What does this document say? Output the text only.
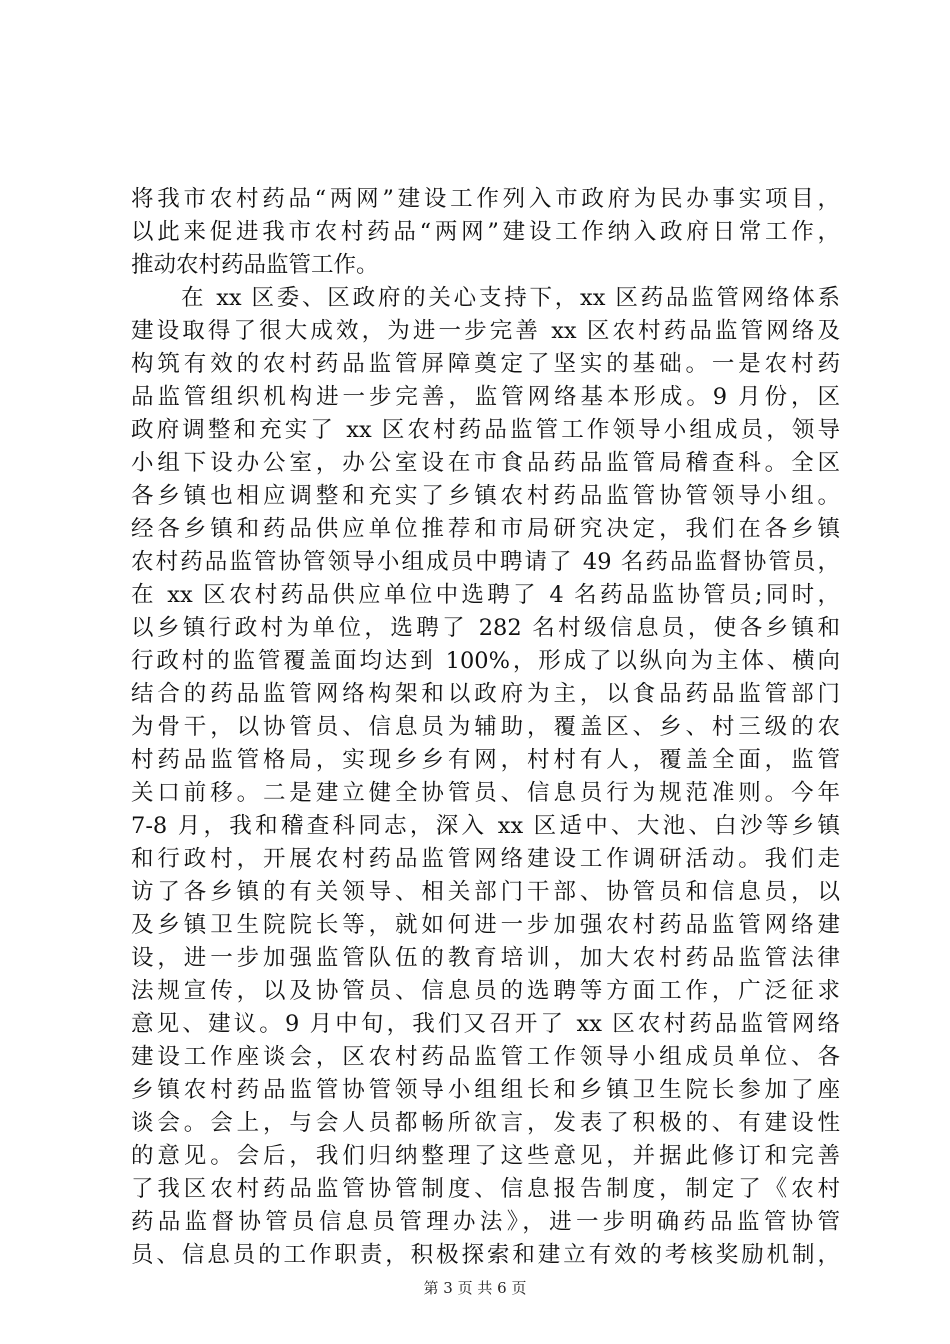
将我市农村药品“两网”建设工作列入市政府为民办事实项目，
以此来促进我市农村药品“两网”建设工作纳入政府日常工作，
推动农村药品监管工作。
在 xx 区委、区政府的关心支持下，xx 区药品监管网络体系
建设取得了很大成效，为进一步完善 xx 区农村药品监管网络及
构筑有效的农村药品监管屏障奠定了坚实的基础。一是农村药
品监管组织机构进一步完善，监管网络基本形成。9 月份，区
政府调整和充实了 xx 区农村药品监管工作领导小组成员，领导
小组下设办公室，办公室设在市食品药品监管局稽查科。全区
各乡镇也相应调整和充实了乡镇农村药品监管协管领导小组。
经各乡镇和药品供应单位推荐和市局研究决定，我们在各乡镇
农村药品监管协管领导小组成员中聘请了 49 名药品监督协管员，
在 xx 区农村药品供应单位中选聘了 4 名药品监协管员;同时，
以乡镇行政村为单位，选聘了 282 名村级信息员，使各乡镇和
行政村的监管覆盖面均达到 100%，形成了以纵向为主体、横向
结合的药品监管网络构架和以政府为主，以食品药品监管部门
为骨干，以协管员、信息员为辅助，覆盖区、乡、村三级的农
村药品监管格局，实现乡乡有网，村村有人，覆盖全面，监管
关口前移。二是建立健全协管员、信息员行为规范准则。今年
7-8 月，我和稽查科同志，深入 xx 区适中、大池、白沙等乡镇
和行政村，开展农村药品监管网络建设工作调研活动。我们走
访了各乡镇的有关领导、相关部门干部、协管员和信息员，以
及乡镇卫生院院长等，就如何进一步加强农村药品监管网络建
设，进一步加强监管队伍的教育培训，加大农村药品监管法律
法规宣传，以及协管员、信息员的选聘等方面工作，广泛征求
意见、建议。9 月中旬，我们又召开了 xx 区农村药品监管网络
建设工作座谈会，区农村药品监管工作领导小组成员单位、各
乡镇农村药品监管协管领导小组组长和乡镇卫生院长参加了座
谈会。会上，与会人员都畅所欲言，发表了积极的、有建设性
的意见。会后，我们归纳整理了这些意见，并据此修订和完善
了我区农村药品监管协管制度、信息报告制度，制定了《农村
药品监督协管员信息员管理办法》，进一步明确药品监管协管
员、信息员的工作职责，积极探索和建立有效的考核奖励机制，
第 3 页 共 6 页
